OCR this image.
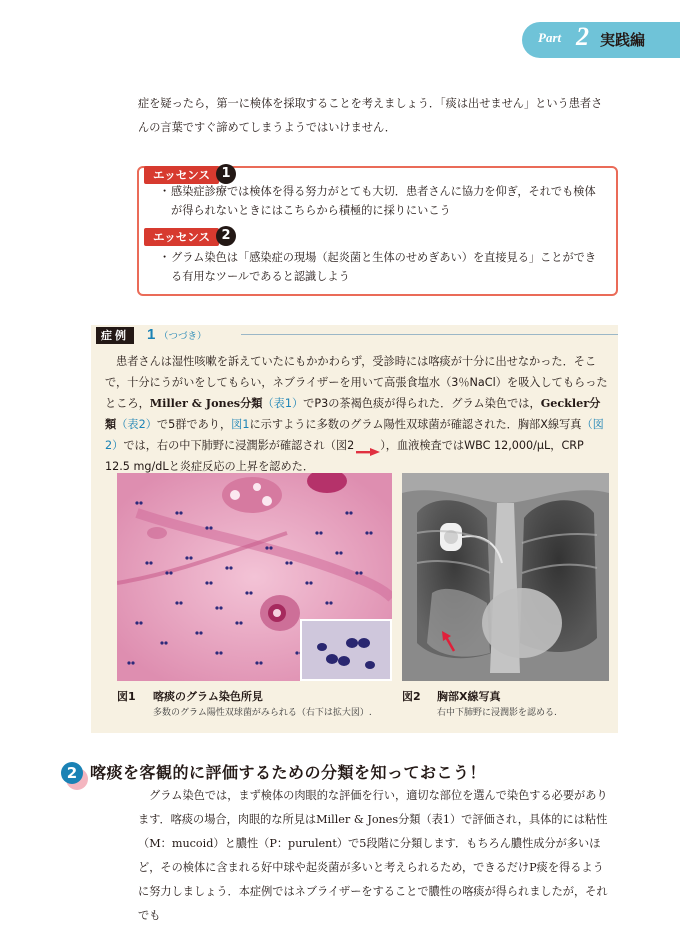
Part 2 実践編
症を疑ったら，第一に検体を採取することを考えましょう．「痰は出せません」という患者さんの言葉ですぐ諦めてしまうようではいけません．
エッセンス 1
・ 感染症診療では検体を得る努力がとても大切．患者さんに協力を仰ぎ，それでも検体が得られないときにはこちらから積極的に採りにいこう
エッセンス 2
・ グラム染色は「感染症の現場（起炎菌と生体のせめぎあい）を直接見る」ことができる有用なツールであると認識しよう
症例	1 （つづき）
患者さんは湿性咳嗽を訴えていたにもかかわらず，受診時には喀痰が十分に出せなかった．そこで，十分にうがいをしてもらい，ネブライザーを用いて高張食塩水（3％NaCl）を吸入してもらったところ，Miller & Jones分類（表1）でP3の茶褐色痰が得られた．グラム染色では，Geckler分類（表2）で5群であり，図1に示すように多数のグラム陽性双球菌が確認された．胸部X線写真（図2）では，右の中下肺野に浸潤影が確認され（図2 ），血液検査ではWBC 12,000/μL，CRP 12.5 mg/dLと炎症反応の上昇を認めた．
図1 喀痰のグラム染色所見
多数のグラム陽性双球菌がみられる（右下は拡大図）.
図2 胸部X線写真
右中下肺野に浸潤影を認める.
2 喀痰を客観的に評価するための分類を知っておこう！
グラム染色では，まず検体の肉眼的な評価を行い，適切な部位を選んで染色する必要があります．喀痰の場合，肉眼的な所見はMiller & Jones分類（表1）で評価され，具体的には粘性（M：mucoid）と膿性（P：purulent）で5段階に分類します．もちろん膿性成分が多いほど，その検体に含まれる好中球や起炎菌が多いと考えられるため，できるだけP痰を得るように努力しましょう．本症例ではネブライザーをすることで膿性の喀痰が得られましたが，それでも
